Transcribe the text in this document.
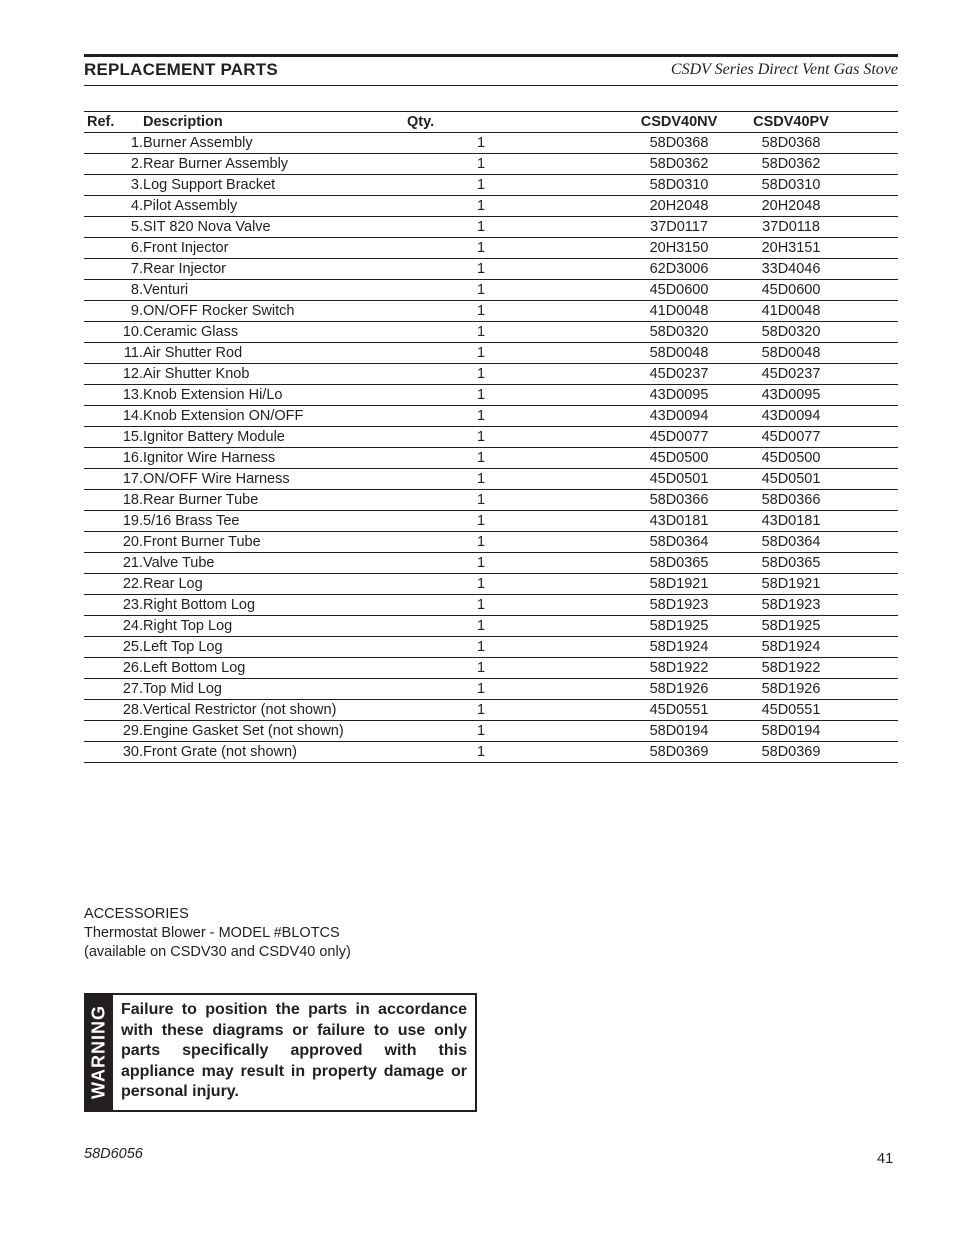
REPLACEMENT PARTS	CSDV Series Direct Vent Gas Stove
Ref.	Description	Qty.	CSDV40NV	CSDV40PV	
1.	Burner Assembly	1	58D0368	58D0368	
2.	Rear Burner Assembly	1	58D0362	58D0362	
3.	Log Support Bracket	1	58D0310	58D0310	
4.	Pilot Assembly	1	20H2048	20H2048	
5.	SIT 820 Nova Valve	1	37D0117	37D0118	
6.	Front Injector	1	20H3150	20H3151	
7.	Rear Injector	1	62D3006	33D4046	
8.	Venturi	1	45D0600	45D0600	
9.	ON/OFF Rocker Switch	1	41D0048	41D0048	
10.	Ceramic Glass	1	58D0320	58D0320	
11.	Air Shutter Rod	1	58D0048	58D0048	
12.	Air Shutter Knob	1	45D0237	45D0237	
13.	Knob Extension Hi/Lo	1	43D0095	43D0095	
14.	Knob Extension ON/OFF	1	43D0094	43D0094	
15.	Ignitor Battery Module	1	45D0077	45D0077	
16.	Ignitor Wire Harness	1	45D0500	45D0500	
17.	ON/OFF Wire Harness	1	45D0501	45D0501	
18.	Rear Burner Tube	1	58D0366	58D0366	
19.	5/16 Brass Tee	1	43D0181	43D0181	
20.	Front Burner Tube	1	58D0364	58D0364	
21.	Valve Tube	1	58D0365	58D0365	
22.	Rear Log	1	58D1921	58D1921	
23.	Right Bottom Log	1	58D1923	58D1923	
24.	Right Top Log	1	58D1925	58D1925	
25.	Left Top Log	1	58D1924	58D1924	
26.	Left Bottom Log	1	58D1922	58D1922	
27.	Top Mid Log	1	58D1926	58D1926	
28.	Vertical Restrictor (not shown)	1	45D0551	45D0551	
29.	Engine Gasket Set (not shown)	1	58D0194	58D0194	
30.	Front Grate (not shown)	1	58D0369	58D0369	
ACCESSORIES
Thermostat Blower - MODEL #BLOTCS
(available on CSDV30 and CSDV40 only)
WARNING Failure to position the parts in accordance with these diagrams or failure to use only parts specifically approved with this appliance may result in property damage or personal injury.
58D6056	41
